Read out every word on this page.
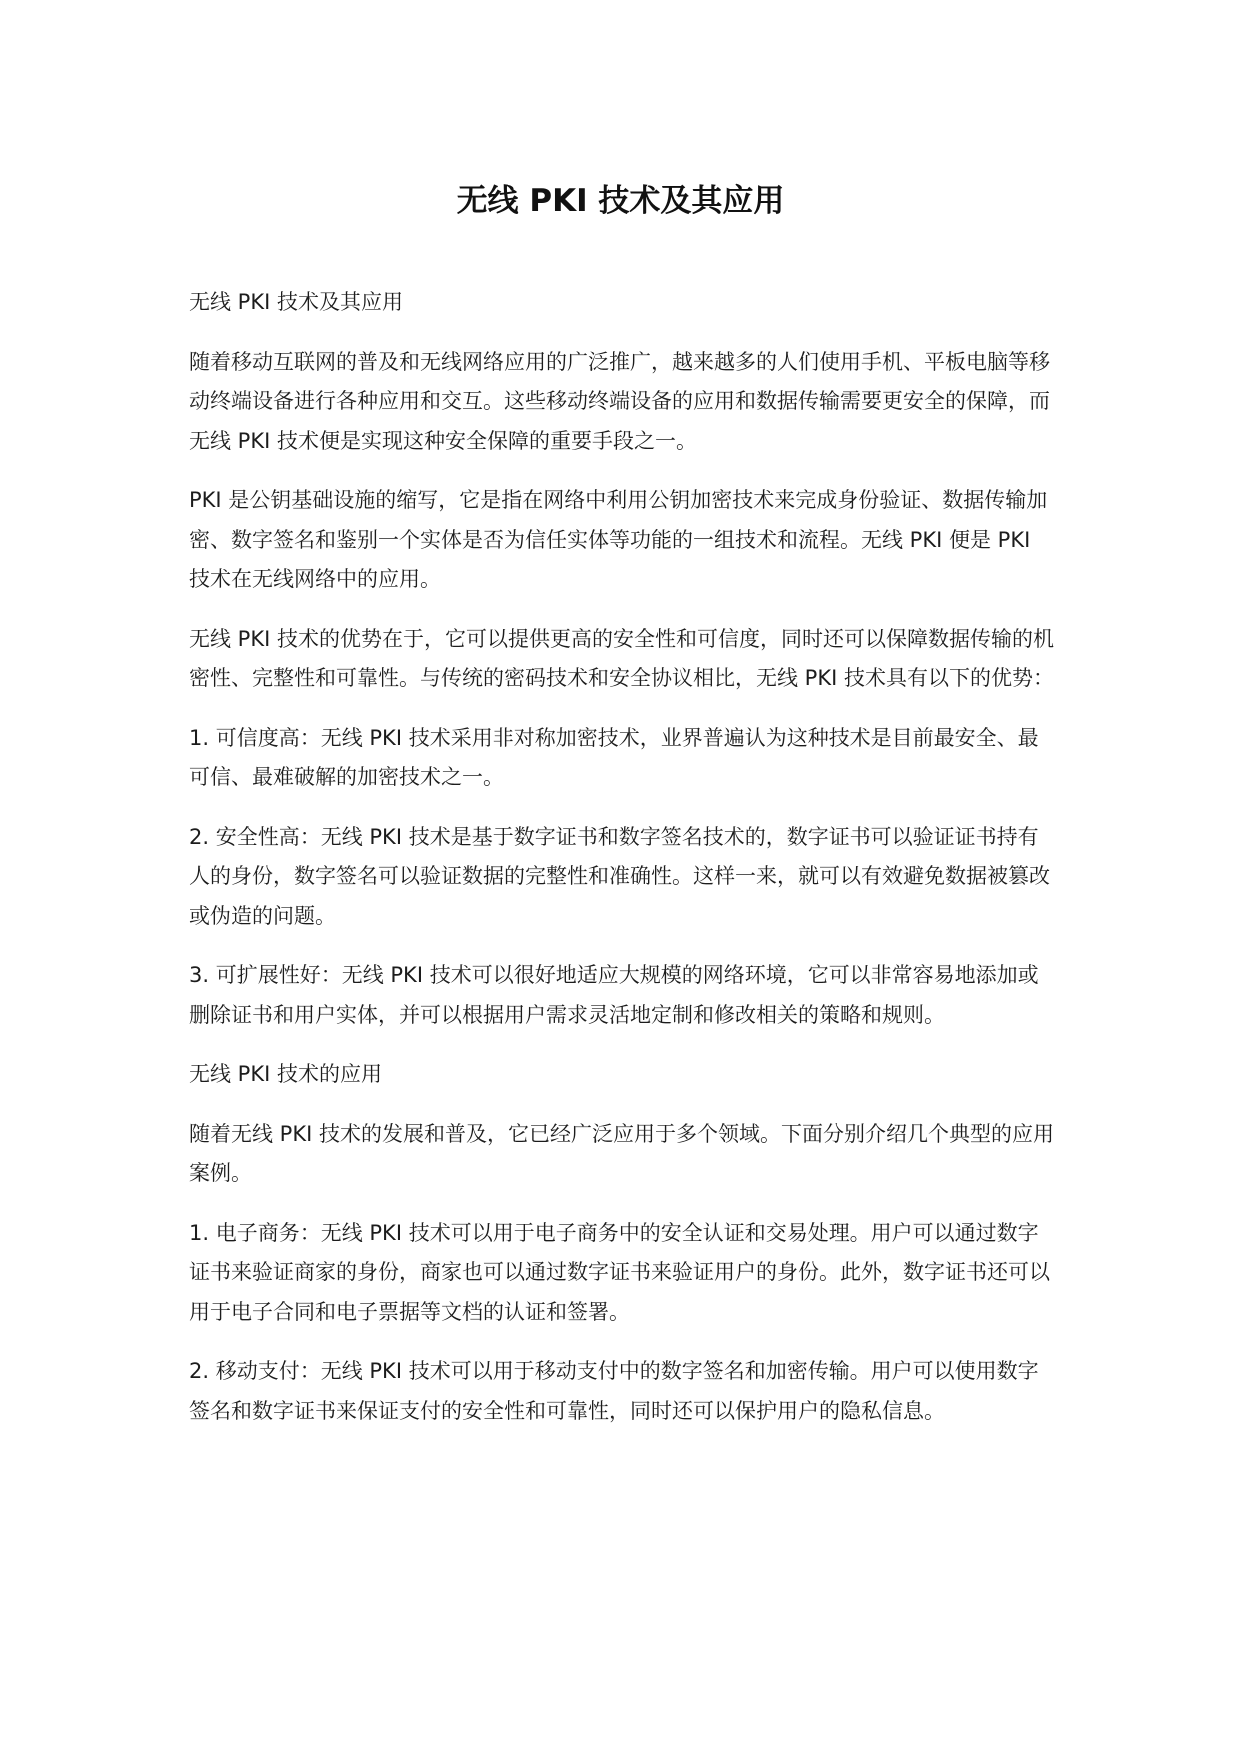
无线 PKI 技术及其应用

无线 PKI 技术及其应用

随着移动互联网的普及和无线网络应用的广泛推广，越来越多的人们使用手机、平板电脑等移动终端设备进行各种应用和交互。这些移动终端设备的应用和数据传输需要更安全的保障，而无线 PKI 技术便是实现这种安全保障的重要手段之一。

PKI 是公钥基础设施的缩写，它是指在网络中利用公钥加密技术来完成身份验证、数据传输加密、数字签名和鉴别一个实体是否为信任实体等功能的一组技术和流程。无线 PKI 便是 PKI 技术在无线网络中的应用。

无线 PKI 技术的优势在于，它可以提供更高的安全性和可信度，同时还可以保障数据传输的机密性、完整性和可靠性。与传统的密码技术和安全协议相比，无线 PKI 技术具有以下的优势：

1. 可信度高：无线 PKI 技术采用非对称加密技术，业界普遍认为这种技术是目前最安全、最可信、最难破解的加密技术之一。

2. 安全性高：无线 PKI 技术是基于数字证书和数字签名技术的，数字证书可以验证证书持有人的身份，数字签名可以验证数据的完整性和准确性。这样一来，就可以有效避免数据被篡改或伪造的问题。

3. 可扩展性好：无线 PKI 技术可以很好地适应大规模的网络环境，它可以非常容易地添加或删除证书和用户实体，并可以根据用户需求灵活地定制和修改相关的策略和规则。

无线 PKI 技术的应用

随着无线 PKI 技术的发展和普及，它已经广泛应用于多个领域。下面分别介绍几个典型的应用案例。

1. 电子商务：无线 PKI 技术可以用于电子商务中的安全认证和交易处理。用户可以通过数字证书来验证商家的身份，商家也可以通过数字证书来验证用户的身份。此外，数字证书还可以用于电子合同和电子票据等文档的认证和签署。

2. 移动支付：无线 PKI 技术可以用于移动支付中的数字签名和加密传输。用户可以使用数字签名和数字证书来保证支付的安全性和可靠性，同时还可以保护用户的隐私信息。
